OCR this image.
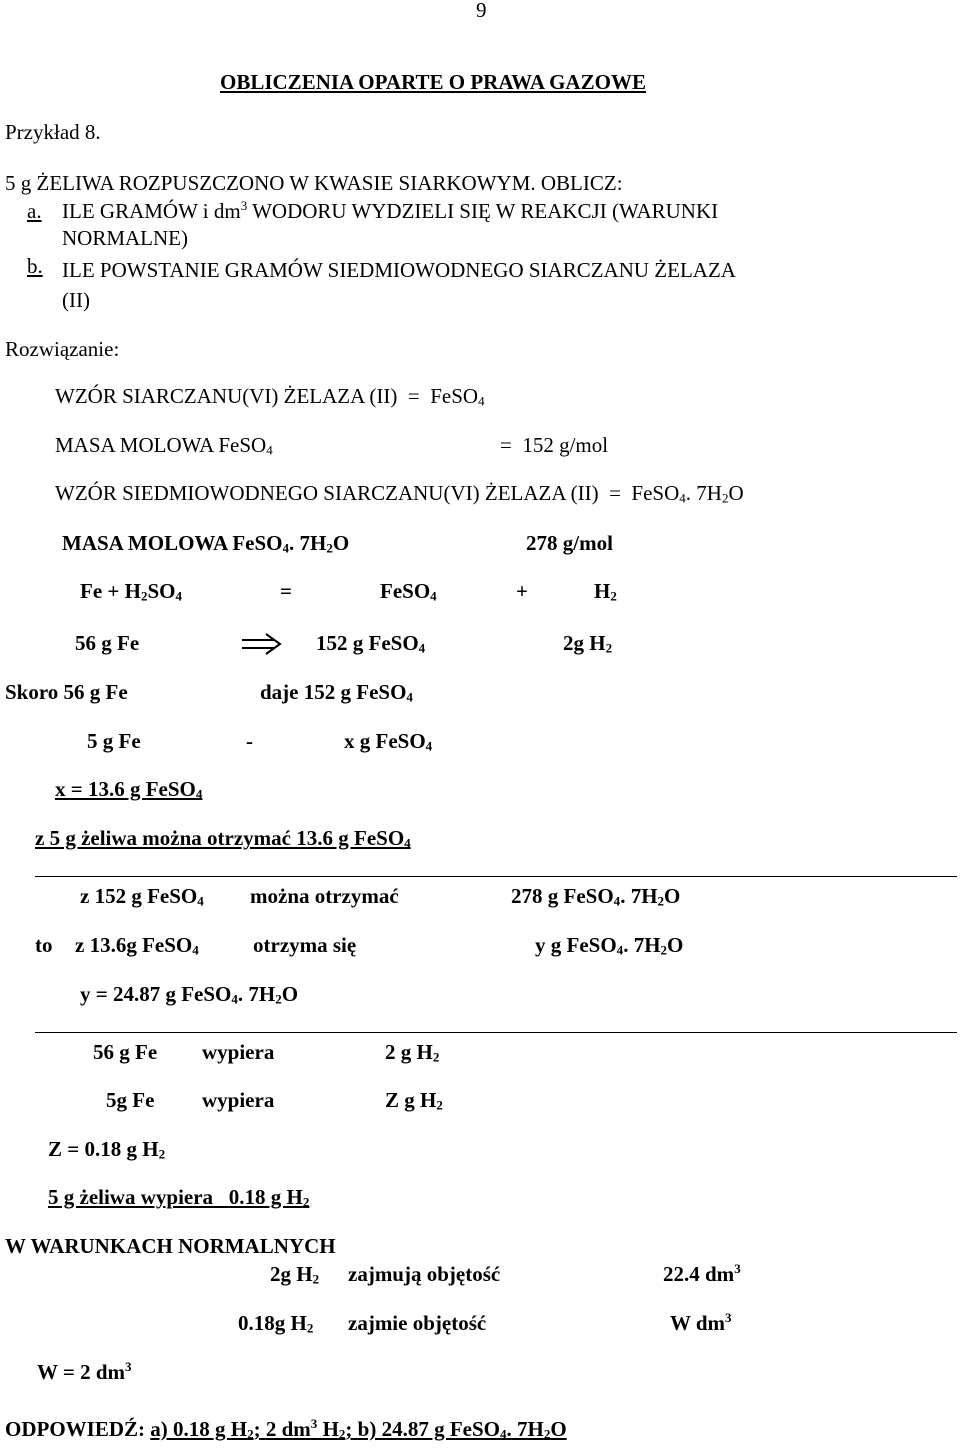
9
OBLICZENIA OPARTE O PRAWA GAZOWE
Przykład 8.
5 g ŻELIWA ROZPUSZCZONO W KWASIE SIARKOWYM. OBLICZ:
a. ILE GRAMÓW i $dm^3$ WODORU WYDZIELI SIĘ W REAKCJI (WARUNKI
NORMALNE)
b. ILE POWSTANIE GRAMÓW SIEDMIOWODNEGO SIARCZANU ŻELAZA
(II)
Rozwiązanie:
WZÓR SIARCZANU(VI) ŻELAZA (II) = FeSO$_4$
MASA MOLOWA FeSO$_4$	= 152 g/mol
WZÓR SIEDMIOWODNEGO SIARCZANU(VI) ŻELAZA (II) = FeSO$_4$. $7H_2O$
MASA MOLOWA FeSO$_4$. $7H_2O$	278 g/mol
$Fe + H_2SO_4$	=	FeSO$_4$	+	$H_2$
56 g Fe	152 g FeSO$_4$	2g $H_2$
Skoro 56 g Fe	daje 152 g FeSO$_4$
5 g Fe	-	x g FeSO$_4$
x = 13.6 g FeSO$_4$
z 5 g żeliwa można otrzymać 13.6 g FeSO$_4$
z 152 g FeSO$_4$ można otrzymać	278 g FeSO$_4$. $7H_2O$
to z 13.6g FeSO$_4$	otrzyma się	y g FeSO$_4$. $7H_2O$
y = 24.87 g FeSO$_4$. $7H_2O$
56 g Fe wypiera	2 g $H_2$
5g Fe wypiera	Z g $H_2$
Z = 0.18 g $H_2$
5 g żeliwa wypiera 0.18 g $H_2$
W WARUNKACH NORMALNYCH
2g $H_2$ zajmują objętość	22.4 $dm^3$
0.18g $H_2$ zajmie objętość	W $dm^3$
W = 2 $dm^3$
ODPOWIEDŹ: a) 0.18 g $H_2$; 2 $dm^3$ $H_2$; b) 24.87 g FeSO$_4$. $7H_2O$
